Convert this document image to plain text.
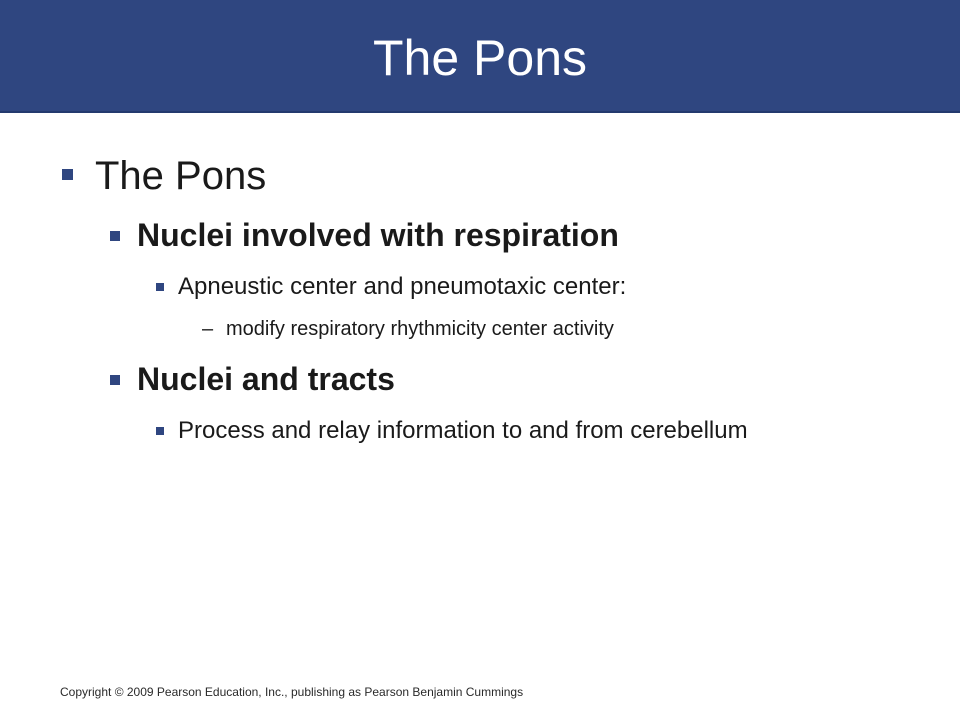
The Pons
The Pons
Nuclei involved with respiration
Apneustic center and pneumotaxic center:
– modify respiratory rhythmicity center activity
Nuclei and tracts
Process and relay information to and from cerebellum
Copyright © 2009 Pearson Education, Inc., publishing as Pearson Benjamin Cummings
